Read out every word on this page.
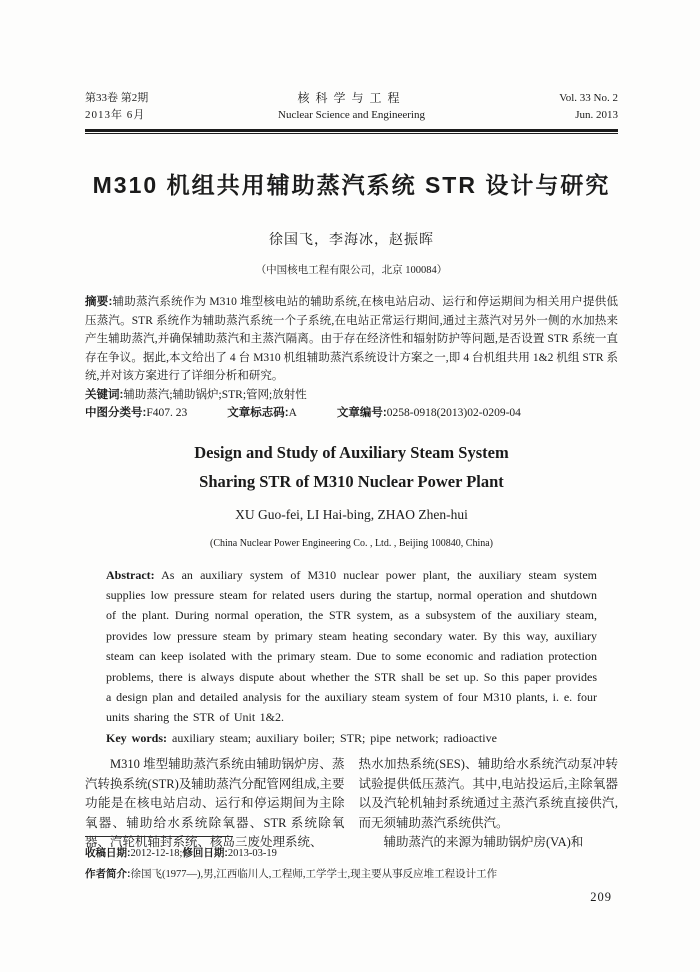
第33卷 第2期
2013年 6月
核科学与工程
Nuclear Science and Engineering
Vol. 33 No. 2
Jun. 2013
M310 机组共用辅助蒸汽系统 STR 设计与研究
徐国飞，李海冰，赵振晖
（中国核电工程有限公司，北京 100084）

摘要:辅助蒸汽系统作为 M310 堆型核电站的辅助系统,在核电站启动、运行和停运期间为相关用户提供低压蒸汽。STR 系统作为辅助蒸汽系统一个子系统,在电站正常运行期间,通过主蒸汽对另外一侧的水加热来产生辅助蒸汽,并确保辅助蒸汽和主蒸汽隔离。由于存在经济性和辐射防护等问题,是否设置 STR 系统一直存在争议。据此,本文给出了 4 台 M310 机组辅助蒸汽系统设计方案之一,即 4 台机组共用 1&2 机组 STR 系统,并对该方案进行了详细分析和研究。

关键词:辅助蒸汽;辅助锅炉;STR;管网;放射性

中图分类号:F407. 23	文章标志码:A	文章编号:0258-0918(2013)02-0209-04

Design and Study of Auxiliary Steam System
Sharing STR of M310 Nuclear Power Plant
XU Guo-fei, LI Hai-bing, ZHAO Zhen-hui
(China Nuclear Power Engineering Co. , Ltd. , Beijing 100840, China)

Abstract: As an auxiliary system of M310 nuclear power plant, the auxiliary steam system supplies low pressure steam for related users during the startup, normal operation and shutdown of the plant. During normal operation, the STR system, as a subsystem of the auxiliary steam, provides low pressure steam by primary steam heating secondary water. By this way, auxiliary steam can keep isolated with the primary steam. Due to some economic and radiation protection problems, there is always dispute about whether the STR shall be set up. So this paper provides a design plan and detailed analysis for the auxiliary steam system of four M310 plants, i. e. four units sharing the STR of Unit 1&2.

Key words: auxiliary steam; auxiliary boiler; STR; pipe network; radioactive

M310 堆型辅助蒸汽系统由辅助锅炉房、蒸汽转换系统(STR)及辅助蒸汽分配管网组成,主要功能是在核电站启动、运行和停运期间为主除氧器、辅助给水系统除氧器、STR 系统除氧器、汽轮机轴封系统、核岛三废处理系统、

热水加热系统(SES)、辅助给水系统汽动泵冲转试验提供低压蒸汽。其中,电站投运后,主除氧器以及汽轮机轴封系统通过主蒸汽系统直接供汽,而无须辅助蒸汽系统供汽。

辅助蒸汽的来源为辅助锅炉房(VA)和

收稿日期:2012-12-18;修回日期:2013-03-19
作者简介:徐国飞(1977—),男,江西临川人,工程师,工学学士,现主要从事反应堆工程设计工作
209
